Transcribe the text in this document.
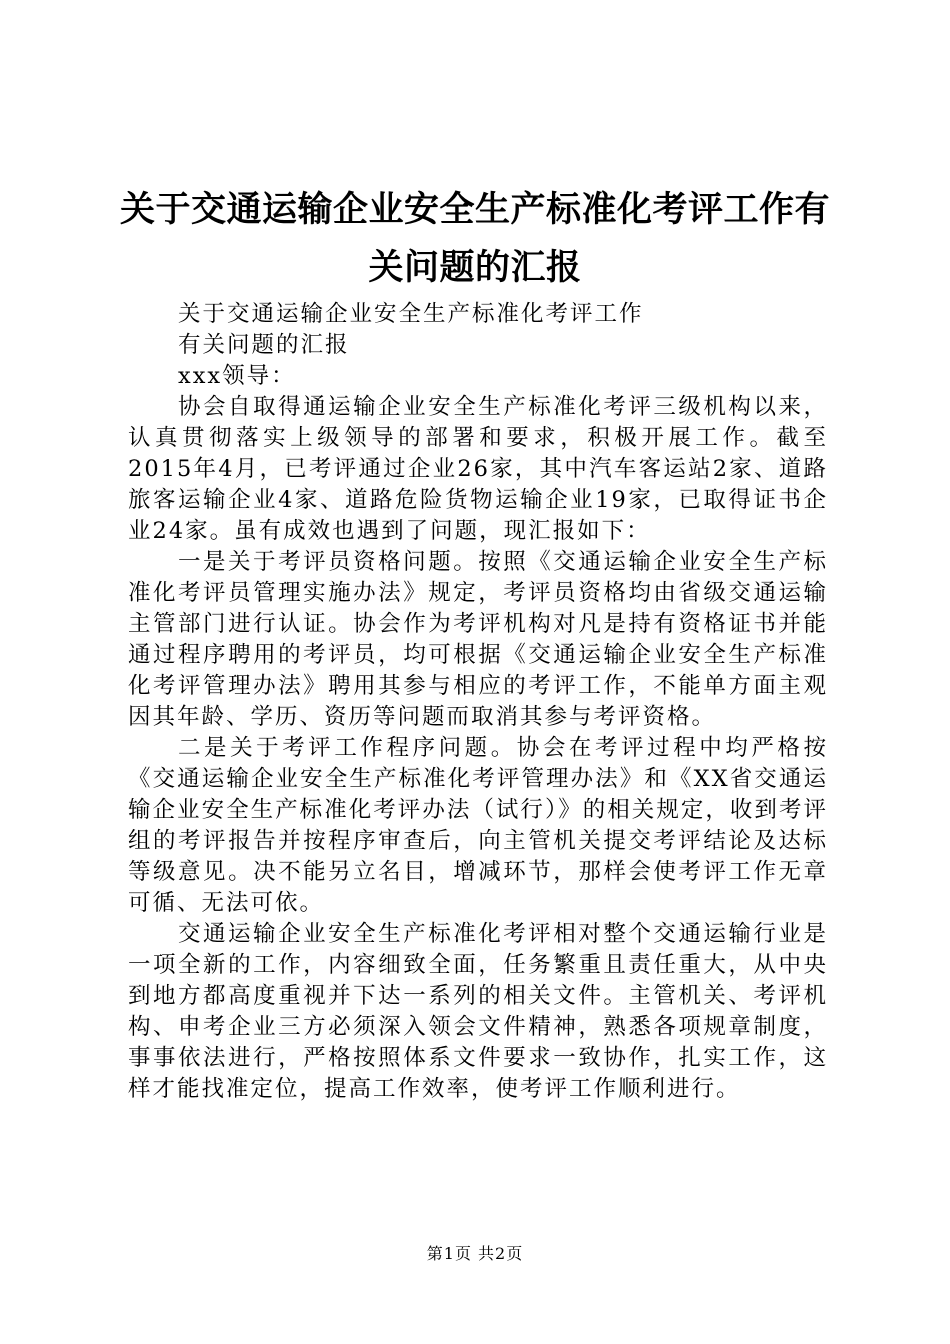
关于交通运输企业安全生产标准化考评工作有
关问题的汇报

关于交通运输企业安全生产标准化考评工作

有关问题的汇报

xxx领导：

协会自取得通运输企业安全生产标准化考评三级机构以来，认真贯彻落实上级领导的部署和要求，积极开展工作。截至2015年4月，已考评通过企业26家，其中汽车客运站2家、道路旅客运输企业4家、道路危险货物运输企业19家，已取得证书企业24家。虽有成效也遇到了问题，现汇报如下：

一是关于考评员资格问题。按照《交通运输企业安全生产标准化考评员管理实施办法》规定，考评员资格均由省级交通运输主管部门进行认证。协会作为考评机构对凡是持有资格证书并能通过程序聘用的考评员，均可根据《交通运输企业安全生产标准化考评管理办法》聘用其参与相应的考评工作，不能单方面主观因其年龄、学历、资历等问题而取消其参与考评资格。

二是关于考评工作程序问题。协会在考评过程中均严格按《交通运输企业安全生产标准化考评管理办法》和《XX省交通运输企业安全生产标准化考评办法（试行）》的相关规定，收到考评组的考评报告并按程序审查后，向主管机关提交考评结论及达标等级意见。决不能另立名目，增减环节，那样会使考评工作无章可循、无法可依。

交通运输企业安全生产标准化考评相对整个交通运输行业是一项全新的工作，内容细致全面，任务繁重且责任重大，从中央到地方都高度重视并下达一系列的相关文件。主管机关、考评机构、申考企业三方必须深入领会文件精神，熟悉各项规章制度，事事依法进行，严格按照体系文件要求一致协作，扎实工作，这样才能找准定位，提高工作效率，使考评工作顺利进行。

第1页 共2页
